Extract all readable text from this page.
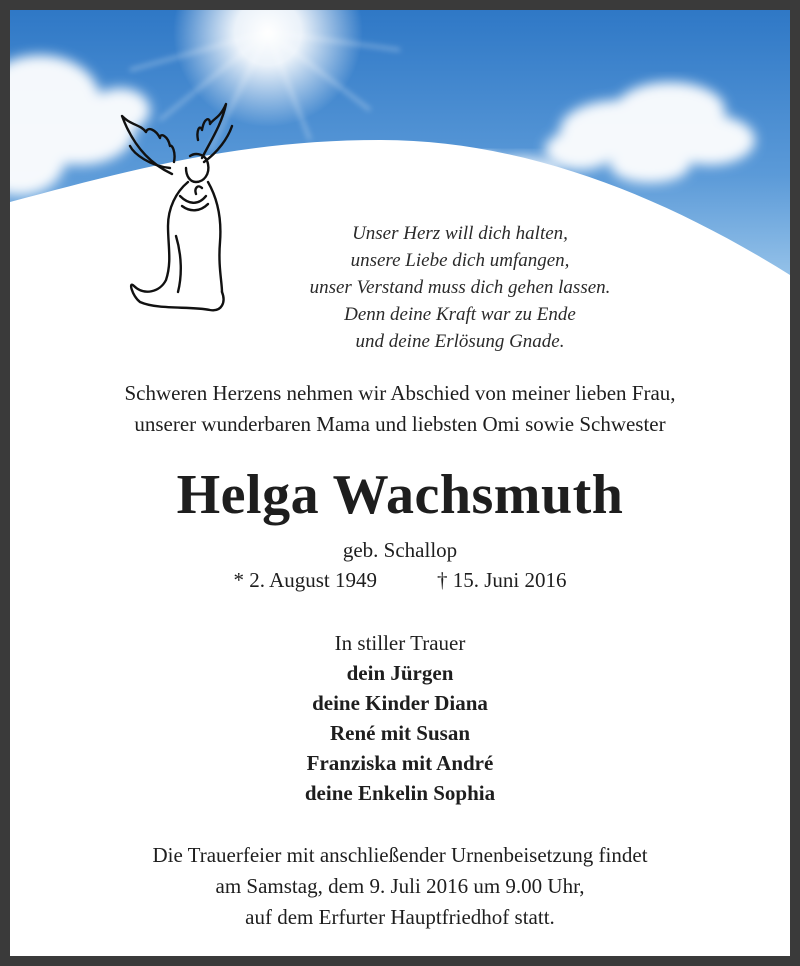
Unser Herz will dich halten,
unsere Liebe dich umfangen,
unser Verstand muss dich gehen lassen.
Denn deine Kraft war zu Ende
und deine Erlösung Gnade.
Schweren Herzens nehmen wir Abschied von meiner lieben Frau,
unserer wunderbaren Mama und liebsten Omi sowie Schwester
Helga Wachsmuth
geb. Schallop
* 2. August 1949	† 15. Juni 2016
In stiller Trauer
dein Jürgen
deine Kinder Diana
René mit Susan
Franziska mit André
deine Enkelin Sophia
Die Trauerfeier mit anschließender Urnenbeisetzung findet
am Samstag, dem 9. Juli 2016 um 9.00 Uhr,
auf dem Erfurter Hauptfriedhof statt.
